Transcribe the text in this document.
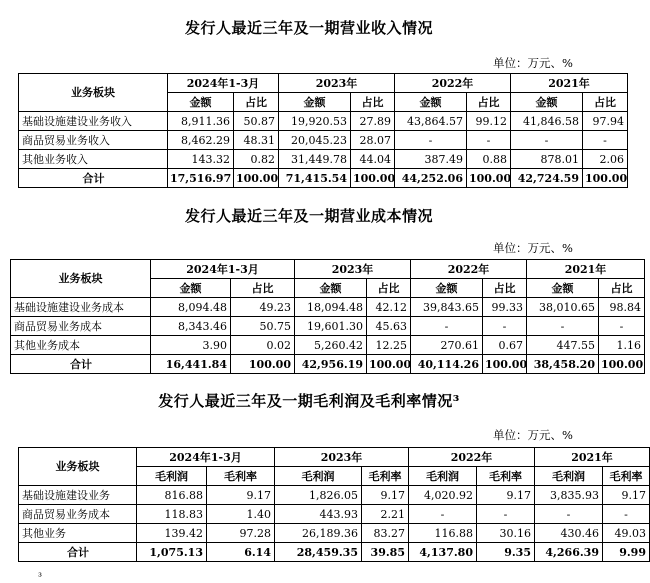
发行人最近三年及一期营业收入情况
单位：万元、%
业务板块	2024年1-3月		2023年		2022年		2021年	
	金额	占比	金额	占比	金额	占比	金额	占比
基础设施建设业务收入	8,911.36	50.87	19,920.53	27.89	43,864.57	99.12	41,846.58	97.94
商品贸易业务收入	8,462.29	48.31	20,045.23	28.07	-	-	-	-
其他业务收入	143.32	0.82	31,449.78	44.04	387.49	0.88	878.01	2.06
合计	17,516.97	100.00	71,415.54	100.00	44,252.06	100.00	42,724.59	100.00
发行人最近三年及一期营业成本情况
单位：万元、%
业务板块	2024年1-3月		2023年		2022年		2021年	
	金额	占比	金额	占比	金额	占比	金额	占比
基础设施建设业务成本	8,094.48	49.23	18,094.48	42.12	39,843.65	99.33	38,010.65	98.84
商品贸易业务成本	8,343.46	50.75	19,601.30	45.63	-	-	-	-
其他业务成本	3.90	0.02	5,260.42	12.25	270.61	0.67	447.55	1.16
合计	16,441.84	100.00	42,956.19	100.00	40,114.26	100.00	38,458.20	100.00
发行人最近三年及一期毛利润及毛利率情况³
单位：万元、%
业务板块	2024年1-3月		2023年		2022年		2021年	
	毛利润	毛利率	毛利润	毛利率	毛利润	毛利率	毛利润	毛利率
基础设施建设业务	816.88	9.17	1,826.05	9.17	4,020.92	9.17	3,835.93	9.17
商品贸易业务成本	118.83	1.40	443.93	2.21	-	-	-	-
其他业务	139.42	97.28	26,189.36	83.27	116.88	30.16	430.46	49.03
合计	1,075.13	6.14	28,459.35	39.85	4,137.80	9.35	4,266.39	9.99
³
